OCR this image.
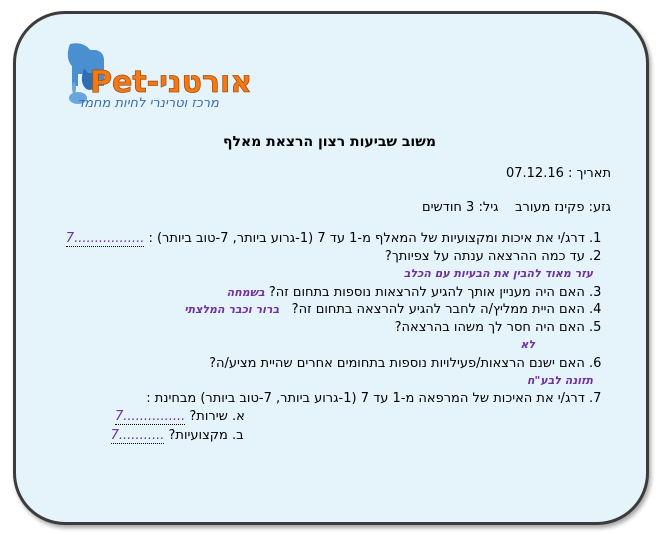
Pet-אורטני
מרכז וטרינרי לחיות מחמד
משוב שביעות רצון הרצאת מאלף
תאריך : 07.12.16
גזע: פקינז מעורב    גיל: 3 חודשים
1. דרג/י את איכות ומקצועיות של המאלף מ-1 עד 7 (1-גרוע ביותר, 7-טוב ביותר) : .................7
2. עד כמה ההרצאה ענתה על צפיותך?
עזר מאוד להבין את הבעיות עם הכלב
3. האם היה מעניין אותך להגיע להרצאות נוספות בתחום זה? בשמחה
4. האם היית ממליץ/ה לחבר להגיע להרצאה בתחום זה?   ברור וכבר המלצתי
5. האם היה חסר לך משהו בהרצאה?
לא
6. האם ישנם הרצאות/פעילויות נוספות בתחומים אחרים שהיית מציע/ה?
תזונה לבע"ח
7. דרג/י את האיכות של המרפאה מ-1 עד 7 (1-גרוע ביותר, 7-טוב ביותר) מבחינת :
א. שירות? ...............7
ב. מקצועיות? ...........7
